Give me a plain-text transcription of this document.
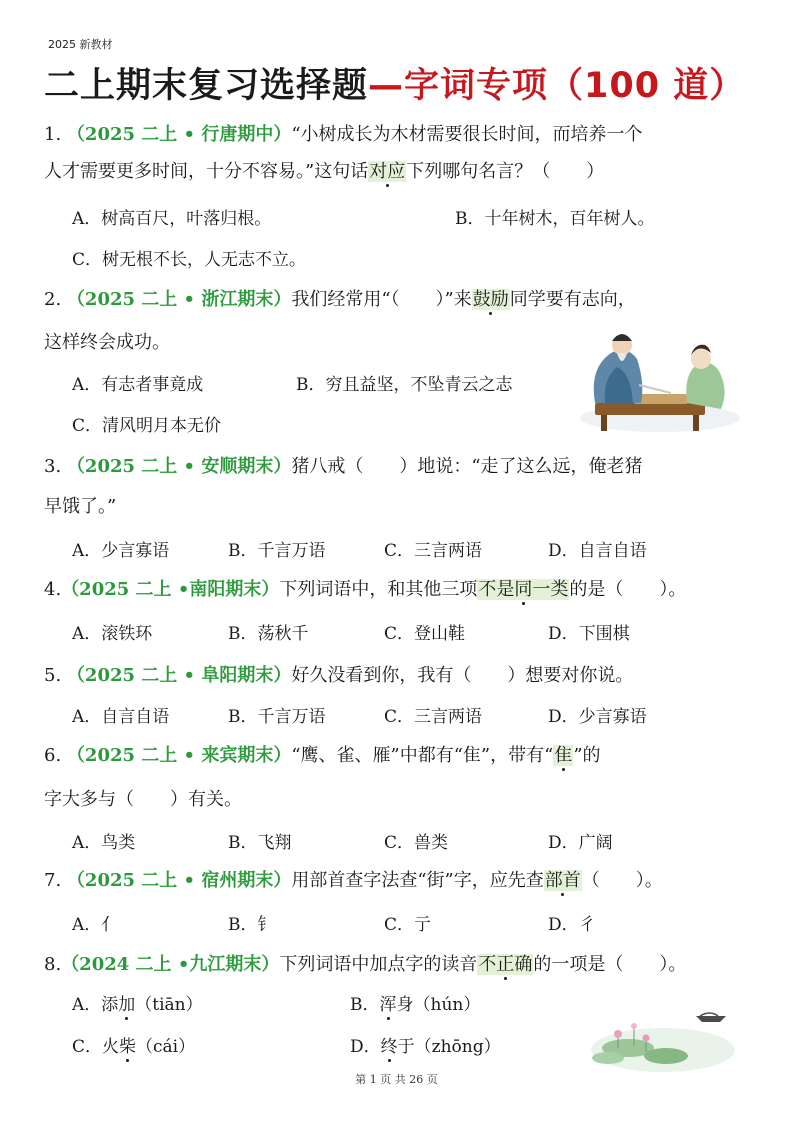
2025 新教材
二上期末复习选择题—字词专项（100 道）
1. （2025 二上 • 行唐期中）“小树成长为木材需要很长时间，而培养一个
人才需要更多时间，十分不容易。”这句话对应下列哪句名言？（　　）
A．树高百尺，叶落归根。	B．十年树木，百年树人。
C．树无根不长，人无志不立。
2. （2025 二上 • 浙江期末）我们经常用“（　　）”来鼓励同学要有志向，
这样终会成功。
A．有志者事竟成	B．穷且益坚，不坠青云之志
C．清风明月本无价
3. （2025 二上 • 安顺期末）猪八戒（　　）地说：“走了这么远，俺老猪
早饿了。”
A．少言寡语	B．千言万语	C．三言两语	D．自言自语
4.（2025 二上 •南阳期末）下列词语中，和其他三项不是同一类的是（　　）。
A．滚铁环	B．荡秋千	C．登山鞋	D．下围棋
5. （2025 二上 • 阜阳期末）好久没看到你，我有（　　）想要对你说。
A．自言自语	B．千言万语	C．三言两语	D．少言寡语
6. （2025 二上 • 来宾期末）“鹰、雀、雁”中都有“隹”，带有“隹”的
字大多与（　　）有关。
A．鸟类	B．飞翔	C．兽类	D．广阔
7. （2025 二上 • 宿州期末）用部首查字法查“街”字，应先查部首（　　）。
A．亻	B．钅	C．亍	D．彳
8.（2024 二上 •九江期末）下列词语中加点字的读音不正确的一项是（　　）。
A．添加（tiān）	B．浑身（hún）
C．火柴（cái）	D．终于（zhōng）
第 1 页 共 26 页
